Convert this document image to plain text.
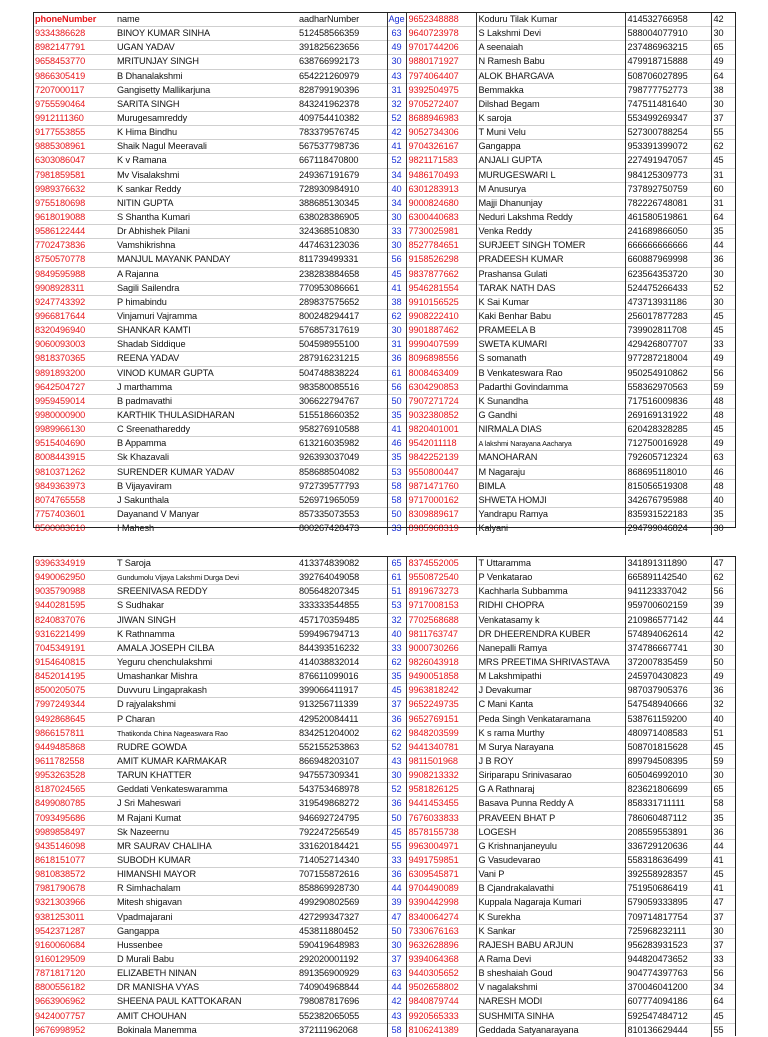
phoneNumber	name	aadharNumber	Age	9652348888	Koduru Tilak Kumar	414532766958	42
9334386628	BINOY KUMAR SINHA	512458566359	63	9640723978	S Lakshmi Devi	588004077910	30
8982147791	UGAN YADAV	391825623656	49	9701744206	A seenaiah	237486963215	65
9658453770	MRITUNJAY SINGH	638766992173	30	9880171927	N Ramesh Babu	479918715888	49
9866305419	B Dhanalakshmi	654221260979	43	7974064407	ALOK BHARGAVA	508706027895	64
7207000117	Gangisetty Mallikarjuna	828799190396	31	9392504975	Bemmakka	798777752773	38
9755590464	SARITA SINGH	843241962378	32	9705272407	Dilshad Begam	747511481640	30
9912111360	Murugesamreddy	409754410382	52	8688946983	K saroja	553499269347	37
9177553855	K Hima Bindhu	783379576745	42	9052734306	T Muni Velu	527300788254	55
9885308961	Shaik Nagul Meeravali	567537798736	41	9704326167	Gangappa	953391399072	62
6303086047	K v Ramana	667118470800	52	9821171583	ANJALI GUPTA	227491947057	45
7981859581	Mv Visalakshmi	249367191679	34	9486170493	MURUGESWARI L	984125309773	31
9989376632	K sankar Reddy	728930984910	40	6301283913	M Anusurya	737892750759	60
9755180698	NITIN GUPTA	388685130345	34	9000824680	Majji Dhanunjay	782226748081	31
9618019088	S Shantha Kumari	638028386905	30	6300440683	Neduri Lakshma Reddy	461580519861	64
9586122444	Dr Abhishek Pilani	324368510830	33	7730025981	Venka Reddy	241689866050	35
7702473836	Vamshikrishna	447463123036	30	8527784651	SURJEET SINGH TOMER	666666666666	44
8750570778	MANJUL MAYANK PANDAY	811739499331	56	9158526298	PRADEESH KUMAR	660887969998	36
9849595988	A Rajanna	238283884658	45	9837877662	Prashansa Gulati	623564353720	30
9908928311	Sagili Sailendra	770953086661	41	9546281554	TARAK NATH DAS	524475266433	52
9247743392	P himabindu	289837575652	38	9910156525	K Sai Kumar	473713931186	30
9966817644	Vinjamuri Vajramma	800248294417	62	9908222410	Kaki Benhar Babu	256017877283	45
8320496940	SHANKAR KAMTI	576857317619	30	9901887462	PRAMEELA B	739902811708	45
9060093003	Shadab Siddique	504598955100	31	9990407599	SWETA KUMARI	429426807707	33
9818370365	REENA YADAV	287916231215	36	8096898556	S somanath	977287218004	49
9891893200	VINOD KUMAR GUPTA	504748838224	61	8008463409	B Venkateswara Rao	950254910862	56
9642504727	J marthamma	983580085516	56	6304290853	Padarthi Govindamma	558362970563	59
9959459014	B padmavathi	306622794767	50	7907271724	K Sunandha	717516009836	48
9980000900	KARTHIK THULASIDHARAN	515518660352	35	9032380852	G Gandhi	269169131922	48
9989966130	C Sreenathareddy	958276910588	41	9820401001	NIRMALA DIAS	620428328285	45
9515404690	B Appamma	613216035982	46	9542011118	A lakshmi Narayana Aacharya	712750016928	49
8008443915	Sk Khazavali	926393037049	35	9842252139	MANOHARAN	792605712324	63
9810371262	SURENDER KUMAR YADAV	858688504082	53	9550800447	M Nagaraju	868695118010	46
9849363973	B Vijayaviram	972739577793	58	9871471760	BIMLA	815056519308	48
8074765558	J Sakunthala	526971965059	58	9717000162	SHWETA HOMJI	342676795988	40
7757403601	Dayanand V Manyar	857335073553	50	8309889617	Yandrapu Ramya	835931522183	35
8500083610	I Mahesh	800267428473	33	8985968319	Kalyani	294799046824	30
9396334919	T Saroja	413374839082	65	8374552005	T Uttaramma	341891311890	47
9490062950	Gundumolu Vijaya Lakshmi Durga Devi	392764049058	61	9550872540	P Venkatarao	665891142540	62
9035790988	SREENIVASA REDDY	805648207345	51	8919673273	Kachharla Subbamma	941123337042	56
9440281595	S Sudhakar	333333544855	53	9717008153	RIDHI CHOPRA	959700602159	39
8240837076	JIWAN SINGH	457170359485	32	7702568688	Venkatasamy k	210986577142	44
9316221499	K Rathnamma	599496794713	40	9811763747	DR DHEERENDRA KUBER	574894062614	42
7045349191	AMALA JOSEPH CILBA	844393516232	33	9000730266	Nanepalli Ramya	374786667741	30
9154640815	Yeguru chenchulakshmi	414038832014	62	9826043918	MRS PREETIMA SHRIVASTAVA	372007835459	50
8452014195	Umashankar Mishra	876611099016	35	9490051858	M Lakshmipathi	245970430823	49
8500205075	Duvvuru Lingaprakash	399066411917	45	9963818242	J Devakumar	987037905376	36
7997249344	D rajyalakshmi	913256711339	37	9652249735	C Mani Kanta	547548940666	32
9492868645	P Charan	429520084411	36	9652769151	Peda Singh Venkataramana	538761159200	40
9866157811	Thatikonda China Nageaswara Rao	834251204002	62	9848203599	K s rama Murthy	480971408583	51
9449485868	RUDRE GOWDA	552155253863	52	9441340781	M Surya Narayana	508701815628	45
9611782558	AMIT KUMAR KARMAKAR	866948203107	43	9811501968	J B ROY	899794508395	59
9953263528	TARUN KHATTER	947557309341	30	9908213332	Siriparapu Srinivasarao	605046992010	30
8187024565	Geddati Venkateswaramma	543753468978	52	9581826125	G A Rathnaraj	823621806699	65
8499080785	J Sri Maheswari	319549868272	36	9441453455	Basava Punna Reddy A	858331711111	58
7093495686	M Rajani Kumat	946692724795	50	7676033833	PRAVEEN BHAT P	786060487112	35
9989858497	Sk Nazeernu	792247256549	45	8578155738	LOGESH	208559553891	36
9435146098	MR SAURAV CHALIHA	331620184421	55	9963004971	G Krishnanjaneyulu	336729120636	44
8618151077	SUBODH KUMAR	714052714340	33	9491759851	G Vasudevarao	558318636499	41
9810838572	HIMANSHI MAYOR	707155872616	36	6309545871	Vani P	392558928357	45
7981790678	R Simhachalam	858869928730	44	9704490089	B Cjandrakalavathi	751950686419	41
9321303966	Mitesh shigavan	499290802569	39	9390442998	Kuppala Nagaraja Kumari	579059333895	47
9381253011	Vpadmajarani	427299347327	47	8340064274	K Surekha	709714817754	37
9542371287	Gangappa	453811880452	50	7330676163	K Sankar	725968232111	30
9160060684	Hussenbee	590419648983	30	9632628896	RAJESH BABU ARJUN	956283931523	37
9160129509	D Murali Babu	292020001192	37	9394064368	A Rama Devi	944820473652	33
7871817120	ELIZABETH NINAN	891356900929	63	9440305652	B sheshaiah Goud	904774397763	56
8800556182	DR MANISHA VYAS	740904968844	44	9502658802	V nagalakshmi	370046041200	34
9663906962	SHEENA PAUL KATTOKARAN	798087817696	42	9840879744	NARESH MODI	607774094186	64
9424007757	AMIT CHOUHAN	552382065055	43	9920565333	SUSHMITA SINHA	592547484712	45
9676998952	Bokinala Manemma	372111962068	58	8106241389	Geddada Satyanarayana	810136629444	55
